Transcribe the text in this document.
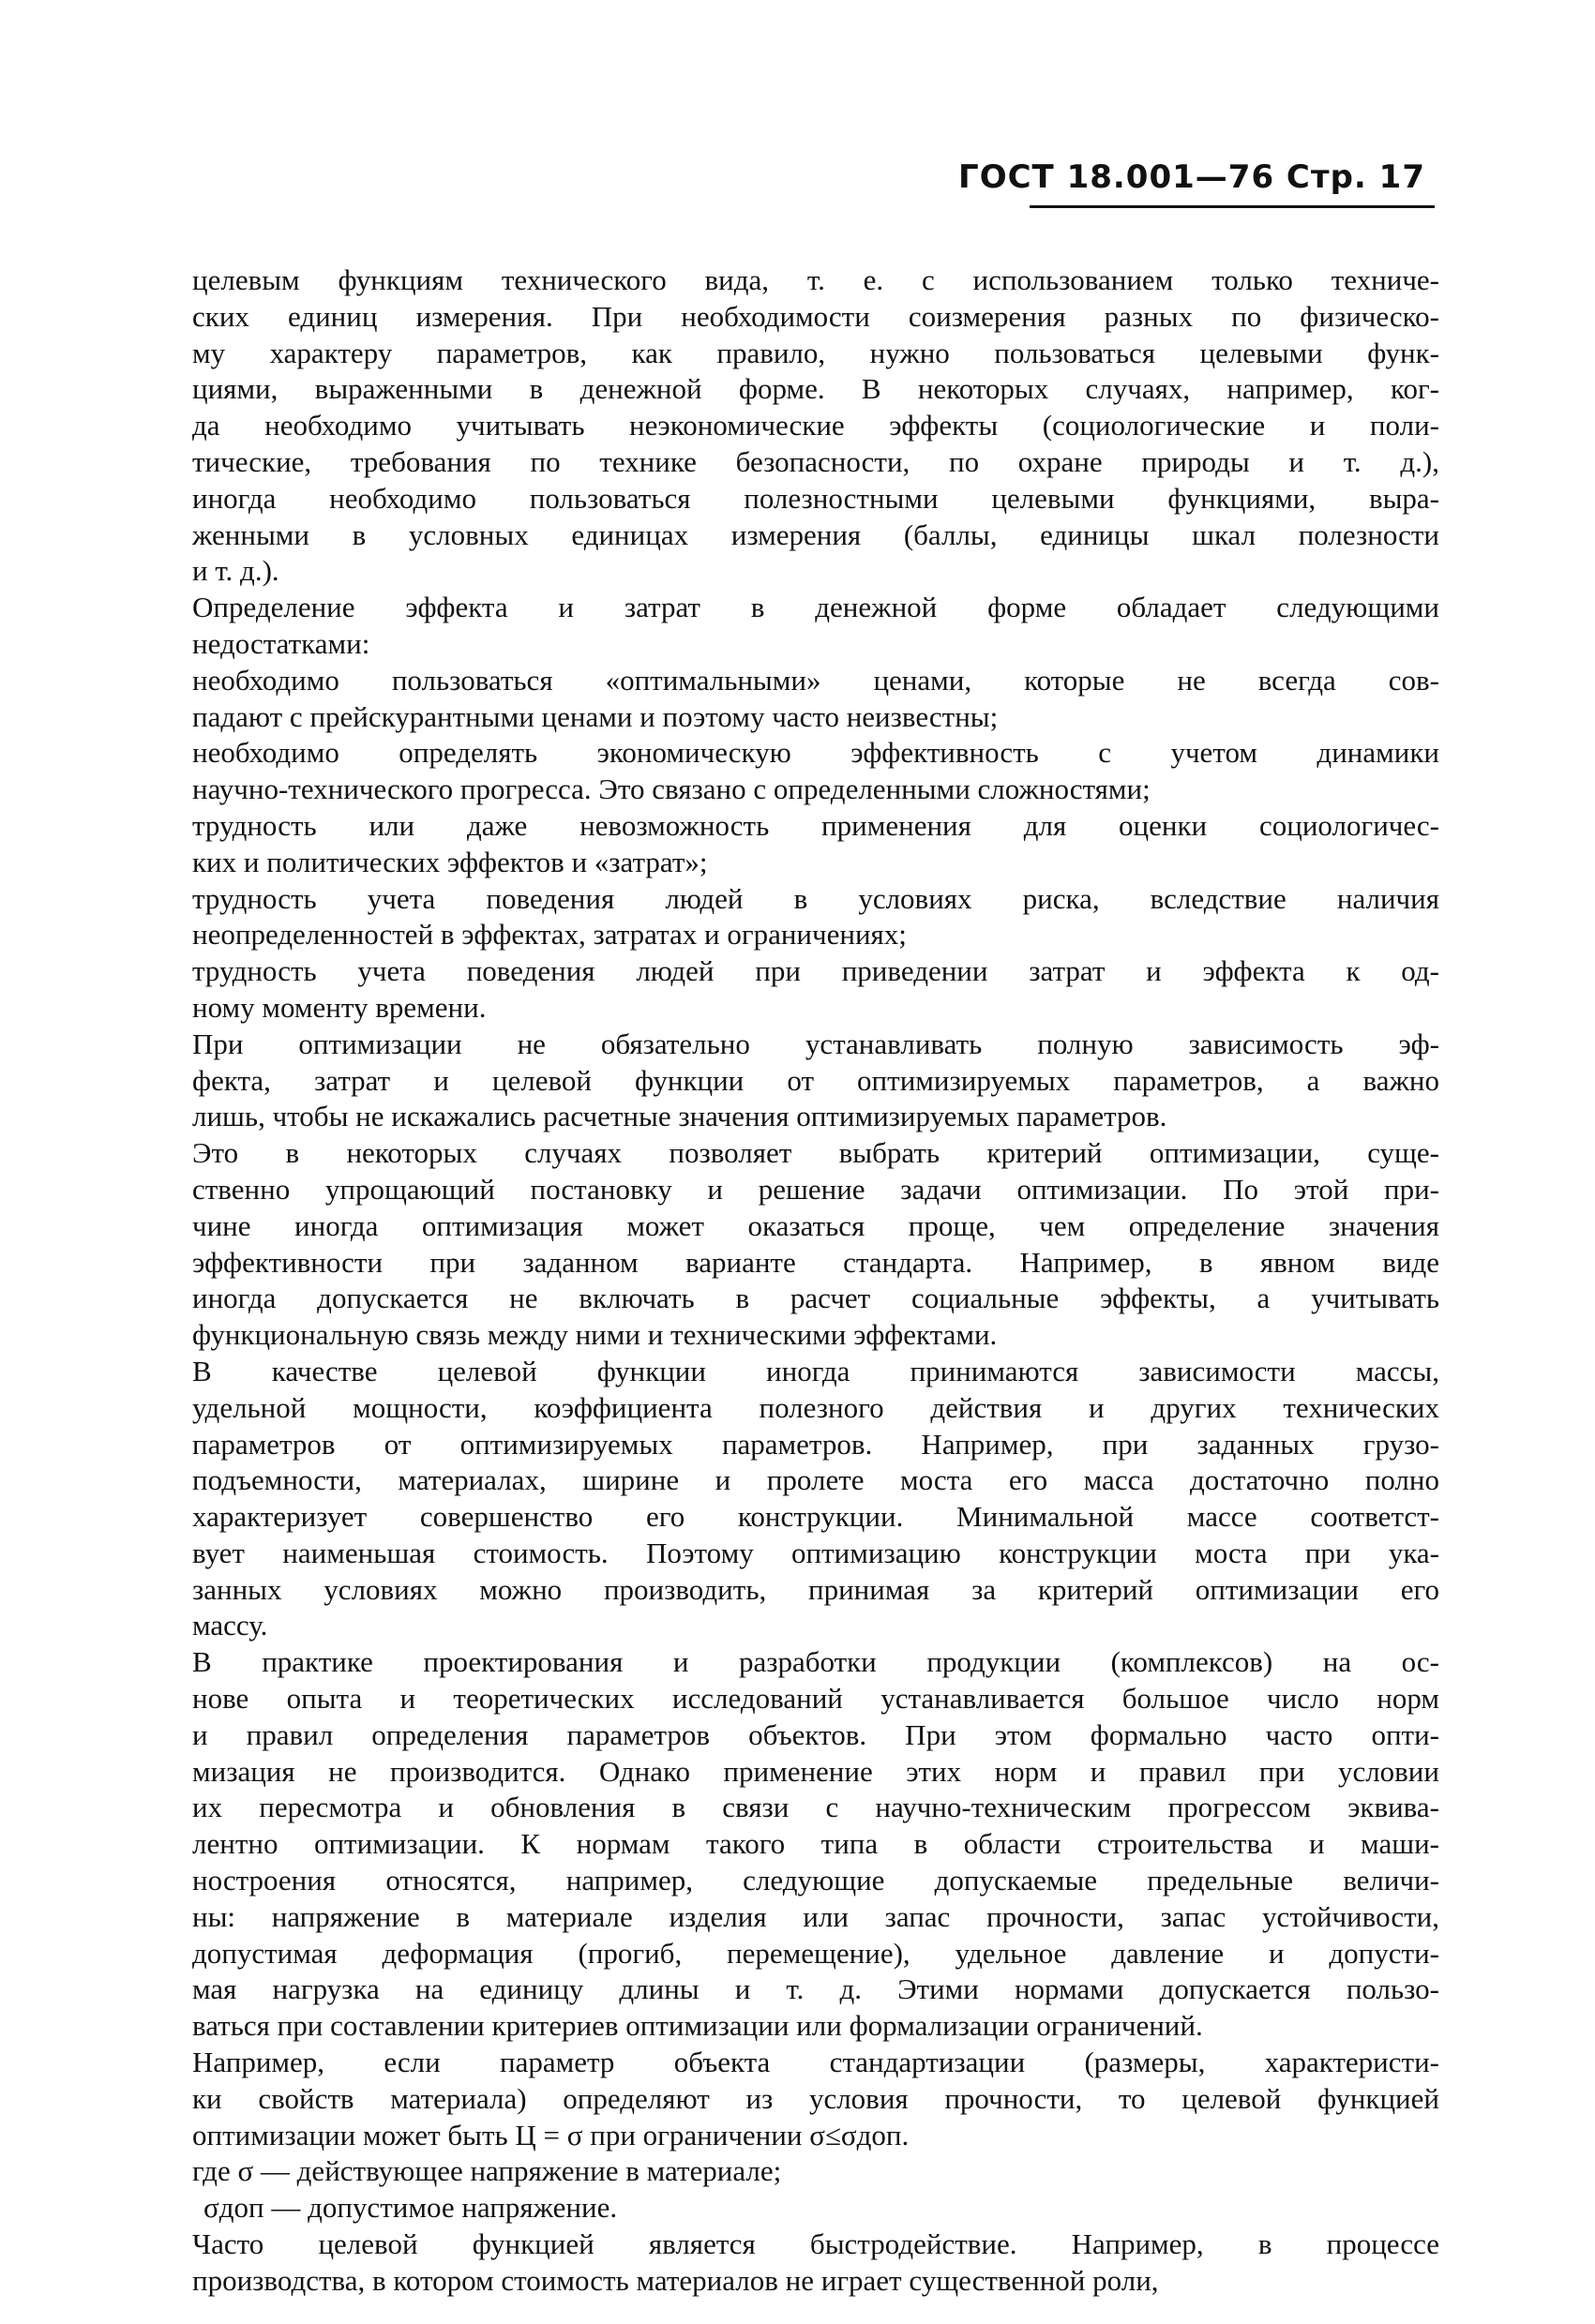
ГОСТ 18.001—76 Стр. 17
целевым функциям технического вида, т. е. с использованием только техниче-
ских единиц измерения. При необходимости соизмерения разных по физическо-
му характеру параметров, как правило, нужно пользоваться целевыми функ-
циями, выраженными в денежной форме. В некоторых случаях, например, ког-
да необходимо учитывать неэкономические эффекты (социологические и поли-
тические, требования по технике безопасности, по охране природы и т. д.),
иногда необходимо пользоваться полезностными целевыми функциями, выра-
женными в условных единицах измерения (баллы, единицы шкал полезности
и т. д.).
Определение эффекта и затрат в денежной форме обладает следующими
недостатками:
необходимо пользоваться «оптимальными» ценами, которые не всегда сов-
падают с прейскурантными ценами и поэтому часто неизвестны;
необходимо определять экономическую эффективность с учетом динамики
научно-технического прогресса. Это связано с определенными сложностями;
трудность или даже невозможность применения для оценки социологичес-
ких и политических эффектов и «затрат»;
трудность учета поведения людей в условиях риска, вследствие наличия
неопределенностей в эффектах, затратах и ограничениях;
трудность учета поведения людей при приведении затрат и эффекта к од-
ному моменту времени.
При оптимизации не обязательно устанавливать полную зависимость эф-
фекта, затрат и целевой функции от оптимизируемых параметров, а важно
лишь, чтобы не искажались расчетные значения оптимизируемых параметров.
Это в некоторых случаях позволяет выбрать критерий оптимизации, суще-
ственно упрощающий постановку и решение задачи оптимизации. По этой при-
чине иногда оптимизация может оказаться проще, чем определение значения
эффективности при заданном варианте стандарта. Например, в явном виде
иногда допускается не включать в расчет социальные эффекты, а учитывать
функциональную связь между ними и техническими эффектами.
В качестве целевой функции иногда принимаются зависимости массы,
удельной мощности, коэффициента полезного действия и других технических
параметров от оптимизируемых параметров. Например, при заданных грузо-
подъемности, материалах, ширине и пролете моста его масса достаточно полно
характеризует совершенство его конструкции. Минимальной массе соответст-
вует наименьшая стоимость. Поэтому оптимизацию конструкции моста при ука-
занных условиях можно производить, принимая за критерий оптимизации его
массу.
В практике проектирования и разработки продукции (комплексов) на ос-
нове опыта и теоретических исследований устанавливается большое число норм
и правил определения параметров объектов. При этом формально часто опти-
мизация не производится. Однако применение этих норм и правил при условии
их пересмотра и обновления в связи с научно-техническим прогрессом эквива-
лентно оптимизации. К нормам такого типа в области строительства и маши-
ностроения относятся, например, следующие допускаемые предельные величи-
ны: напряжение в материале изделия или запас прочности, запас устойчивости,
допустимая деформация (прогиб, перемещение), удельное давление и допусти-
мая нагрузка на единицу длины и т. д. Этими нормами допускается пользо-
ваться при составлении критериев оптимизации или формализации ограничений.
Например, если параметр объекта стандартизации (размеры, характеристи-
ки свойств материала) определяют из условия прочности, то целевой функцией
оптимизации может быть Ц = σ при ограничении σ≤σдоп.
где σ — действующее напряжение в материале;
σдоп — допустимое напряжение.
Часто целевой функцией является быстродействие. Например, в процессе
производства, в котором стоимость материалов не играет существенной роли,
